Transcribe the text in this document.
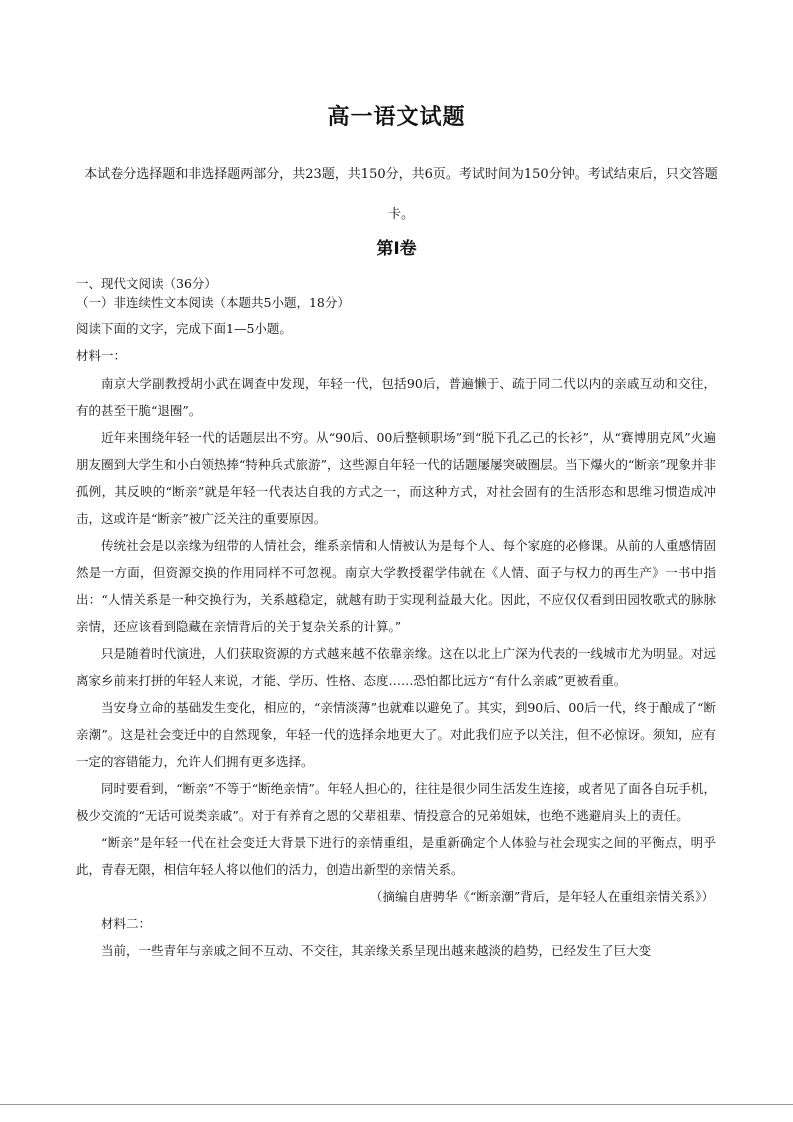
高一语文试题
本试卷分选择题和非选择题两部分，共23题，共150分，共6页。考试时间为150分钟。考试结束后，只交答题卡。
第Ⅰ卷
一、现代文阅读（36分）
（一）非连续性文本阅读（本题共5小题，18分）
阅读下面的文字，完成下面1—5小题。
材料一：

南京大学副教授胡小武在调查中发现，年轻一代，包括90后，普遍懒于、疏于同二代以内的亲戚互动和交往，有的甚至干脆“退圈”。

近年来围绕年轻一代的话题层出不穷。从“90后、00后整顿职场”到“脱下孔乙己的长衫”，从“赛博朋克风”火遍朋友圈到大学生和小白领热捧“特种兵式旅游”，这些源自年轻一代的话题屡屡突破圈层。当下爆火的“断亲”现象并非孤例，其反映的“断亲”就是年轻一代表达自我的方式之一，而这种方式，对社会固有的生活形态和思维习惯造成冲击，这或许是“断亲”被广泛关注的重要原因。

传统社会是以亲缘为纽带的人情社会，维系亲情和人情被认为是每个人、每个家庭的必修课。从前的人重感情固然是一方面，但资源交换的作用同样不可忽视。南京大学教授翟学伟就在《人情、面子与权力的再生产》一书中指出：“人情关系是一种交换行为，关系越稳定，就越有助于实现利益最大化。因此，不应仅仅看到田园牧歌式的脉脉亲情，还应该看到隐藏在亲情背后的关于复杂关系的计算。”

只是随着时代演进，人们获取资源的方式越来越不依靠亲缘。这在以北上广深为代表的一线城市尤为明显。对远离家乡前来打拼的年轻人来说，才能、学历、性格、态度……恐怕都比远方“有什么亲戚”更被看重。

当安身立命的基础发生变化，相应的，“亲情淡薄”也就难以避免了。其实，到90后、00后一代，终于酿成了“断亲潮”。这是社会变迁中的自然现象，年轻一代的选择余地更大了。对此我们应予以关注，但不必惊讶。须知，应有一定的容错能力，允许人们拥有更多选择。

同时要看到，“断亲”不等于“断绝亲情”。年轻人担心的，往往是很少同生活发生连接，或者见了面各自玩手机，极少交流的“无话可说类亲戚”。对于有养育之恩的父辈祖辈、情投意合的兄弟姐妹，也绝不逃避肩头上的责任。

“断亲”是年轻一代在社会变迁大背景下进行的亲情重组，是重新确定个人体验与社会现实之间的平衡点，明乎此，青春无限，相信年轻人将以他们的活力，创造出新型的亲情关系。

（摘编自唐骋华《“断亲潮”背后，是年轻人在重组亲情关系》）

材料二：

当前，一些青年与亲戚之间不互动、不交往，其亲缘关系呈现出越来越淡的趋势，已经发生了巨大变
